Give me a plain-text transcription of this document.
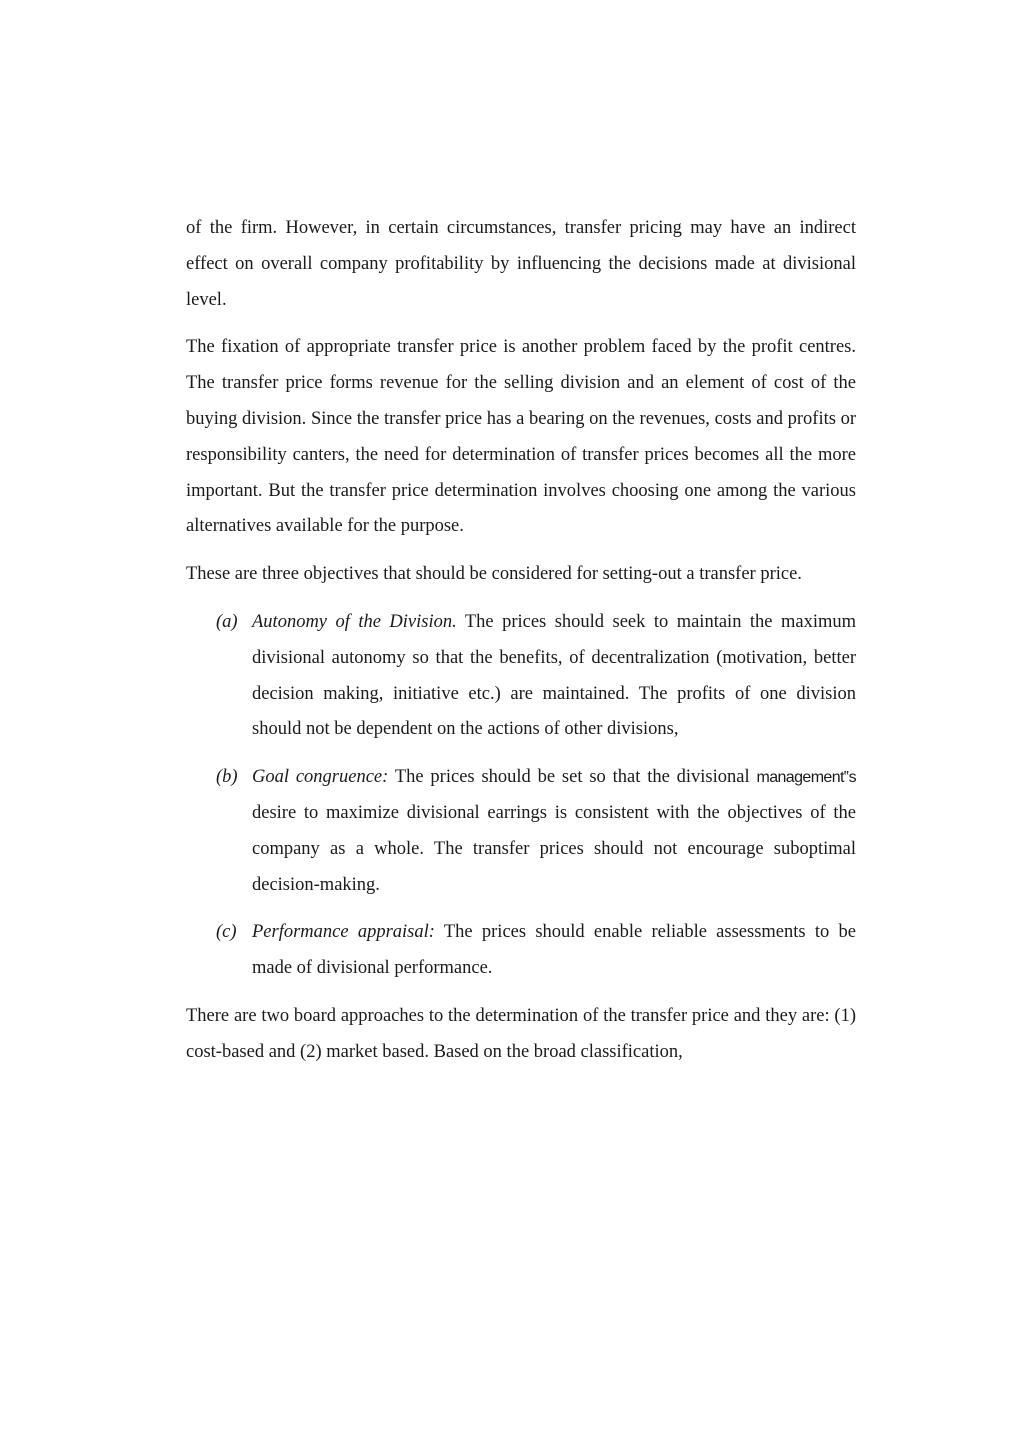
of the firm. However, in certain circumstances, transfer pricing may have an indirect effect on overall company profitability by influencing the decisions made at divisional level.

The fixation of appropriate transfer price is another problem faced by the profit centres. The transfer price forms revenue for the selling division and an element of cost of the buying division. Since the transfer price has a bearing on the revenues, costs and profits or responsibility canters, the need for determination of transfer prices becomes all the more important. But the transfer price determination involves choosing one among the various alternatives available for the purpose.

These are three objectives that should be considered for setting-out a transfer price.

(a) Autonomy of the Division. The prices should seek to maintain the maximum divisional autonomy so that the benefits, of decentralization (motivation, better decision making, initiative etc.) are maintained. The profits of one division should not be dependent on the actions of other divisions,
(b) Goal congruence: The prices should be set so that the divisional management‟s desire to maximize divisional earrings is consistent with the objectives of the company as a whole. The transfer prices should not encourage suboptimal decision-making.
(c) Performance appraisal: The prices should enable reliable assessments to be made of divisional performance.

There are two board approaches to the determination of the transfer price and they are: (1) cost-based and (2) market based. Based on the broad classification,
